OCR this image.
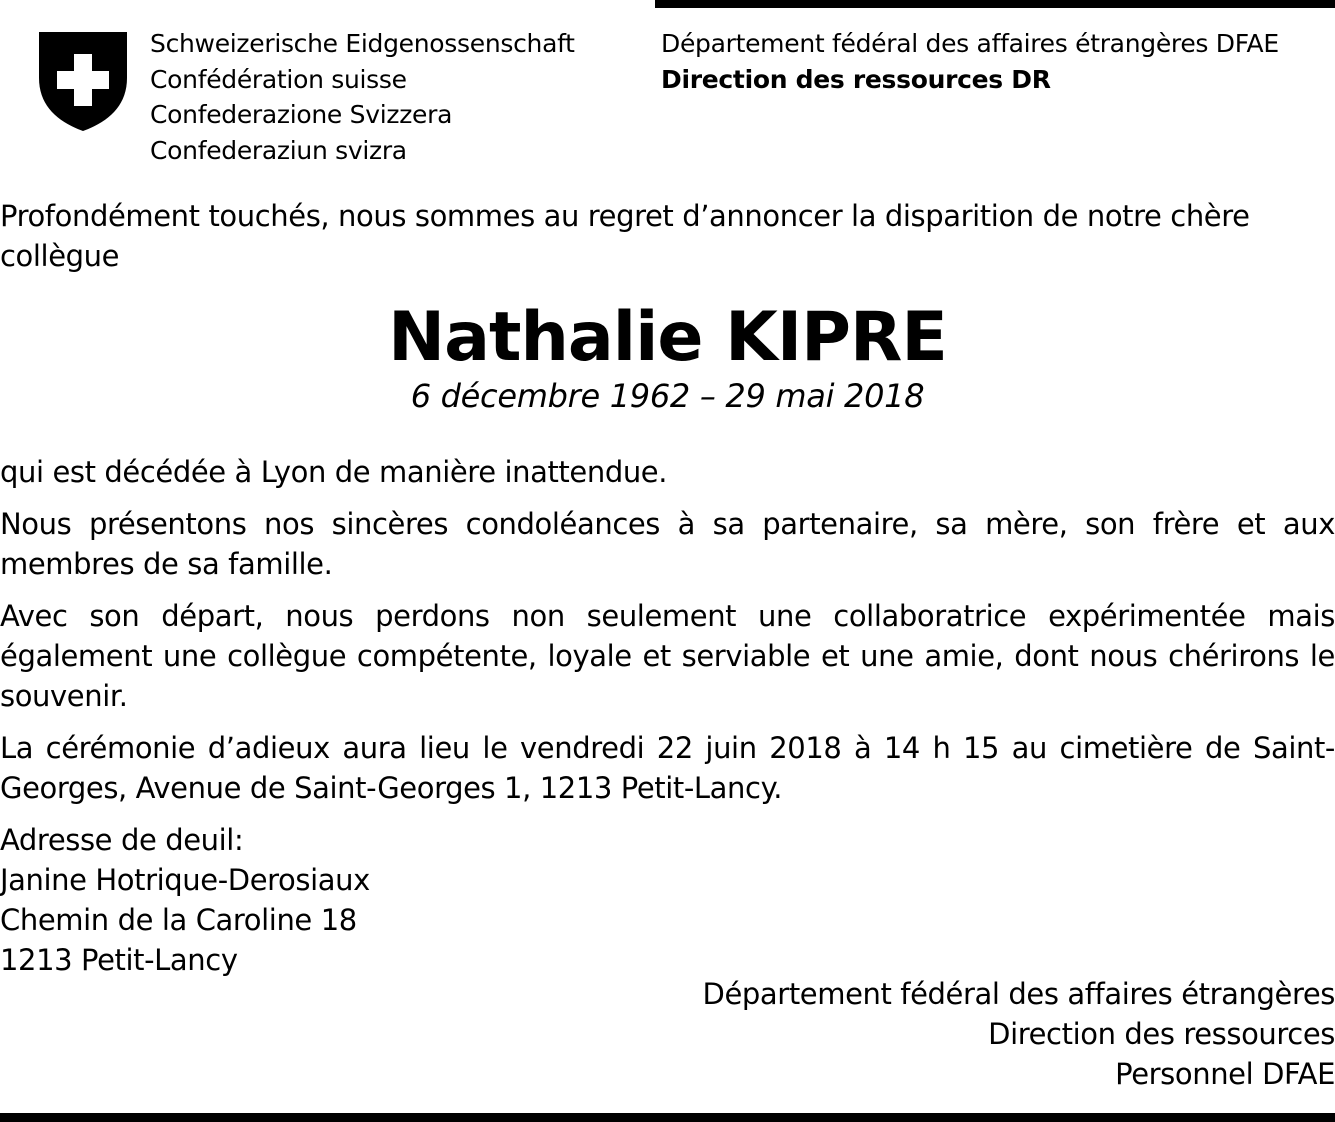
Schweizerische Eidgenossenschaft
Confédération suisse
Confederazione Svizzera
Confederaziun svizra
Département fédéral des affaires étrangères DFAE
Direction des ressources DR

Profondément touchés, nous sommes au regret d’annoncer la disparition de notre chère collègue

Nathalie KIPRE
6 décembre 1962 – 29 mai 2018

qui est décédée à Lyon de manière inattendue.

Nous présentons nos sincères condoléances à sa partenaire, sa mère, son frère et aux membres de sa famille.

Avec son départ, nous perdons non seulement une collaboratrice expérimentée mais également une collègue compétente, loyale et serviable et une amie, dont nous chérirons le souvenir.

La cérémonie d’adieux aura lieu le vendredi 22 juin 2018 à 14 h 15 au cimetière de Saint-Georges, Avenue de Saint-Georges 1, 1213 Petit-Lancy.

Adresse de deuil:
Janine Hotrique-Derosiaux
Chemin de la Caroline 18
1213 Petit-Lancy
Département fédéral des affaires étrangères
Direction des ressources
Personnel DFAE
